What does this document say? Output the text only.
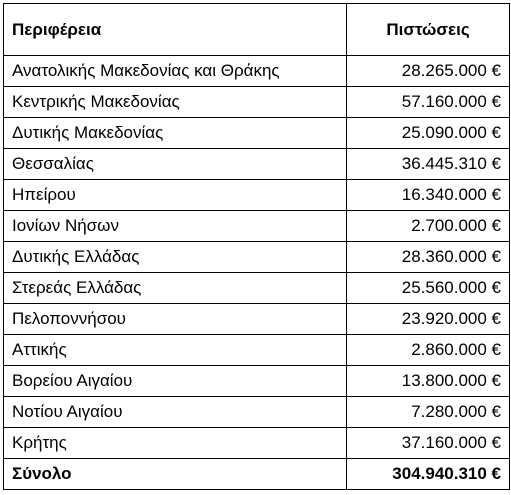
Περιφέρεια	Πιστώσεις
Ανατολικής Μακεδονίας και Θράκης	28.265.000 €
Κεντρικής Μακεδονίας	57.160.000 €
Δυτικής Μακεδονίας	25.090.000 €
Θεσσαλίας	36.445.310 €
Ηπείρου	16.340.000 €
Ιονίων Νήσων	2.700.000 €
Δυτικής Ελλάδας	28.360.000 €
Στερεάς Ελλάδας	25.560.000 €
Πελοποννήσου	23.920.000 €
Αττικής	2.860.000 €
Βορείου Αιγαίου	13.800.000 €
Νοτίου Αιγαίου	7.280.000 €
Κρήτης	37.160.000 €
Σύνολο	304.940.310 €
